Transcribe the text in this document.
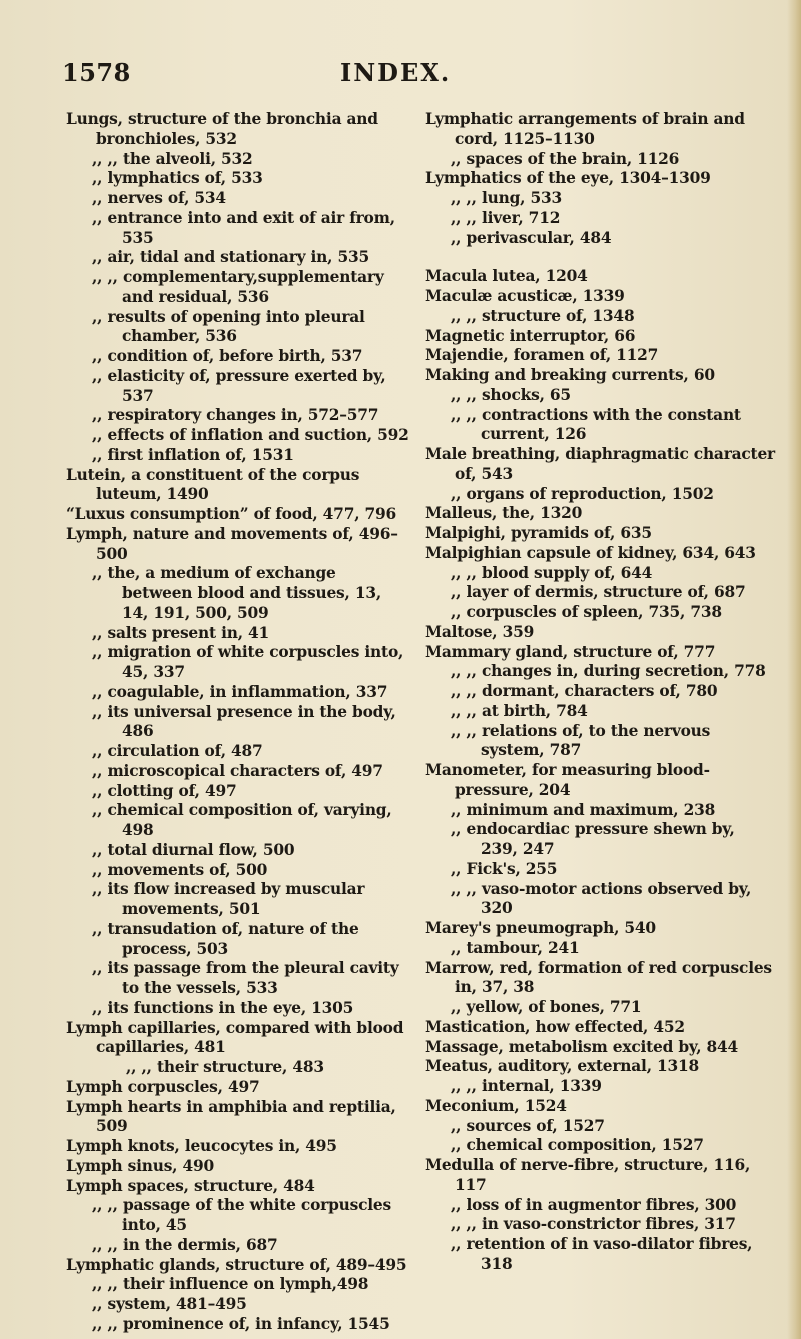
1578	INDEX.
Lungs, structure of the bronchia and bronchioles, 532
,, ,, the alveoli, 532
,, lymphatics of, 533
,, nerves of, 534
,, entrance into and exit of air from, 535
,, air, tidal and stationary in, 535
,, ,, complementary,supplementary and residual, 536
,, results of opening into pleural chamber, 536
,, condition of, before birth, 537
,, elasticity of, pressure exerted by, 537
,, respiratory changes in, 572–577
,, effects of inflation and suction, 592
,, first inflation of, 1531
Lutein, a constituent of the corpus luteum, 1490
“Luxus consumption” of food, 477, 796
Lymph, nature and movements of, 496–500
,, the, a medium of exchange between blood and tissues, 13, 14, 191, 500, 509
,, salts present in, 41
,, migration of white corpuscles into, 45, 337
,, coagulable, in inflammation, 337
,, its universal presence in the body, 486
,, circulation of, 487
,, microscopical characters of, 497
,, clotting of, 497
,, chemical composition of, varying, 498
,, total diurnal flow, 500
,, movements of, 500
,, its flow increased by muscular movements, 501
,, transudation of, nature of the process, 503
,, its passage from the pleural cavity to the vessels, 533
,, its functions in the eye, 1305
Lymph capillaries, compared with blood capillaries, 481
,, ,, their structure, 483
Lymph corpuscles, 497
Lymph hearts in amphibia and reptilia, 509
Lymph knots, leucocytes in, 495
Lymph sinus, 490
Lymph spaces, structure, 484
,, ,, passage of the white corpuscles into, 45
,, ,, in the dermis, 687
Lymphatic glands, structure of, 489–495
,, ,, their influence on lymph,498
,, system, 481–495
,, ,, prominence of, in infancy, 1545
Lymphatic arrangements of brain and cord, 1125–1130
,, spaces of the brain, 1126
Lymphatics of the eye, 1304–1309
,, ,, lung, 533
,, ,, liver, 712
,, perivascular, 484
Macula lutea, 1204
Maculæ acusticæ, 1339
,, ,, structure of, 1348
Magnetic interruptor, 66
Majendie, foramen of, 1127
Making and breaking currents, 60
,, ,, shocks, 65
,, ,, contractions with the constant current, 126
Male breathing, diaphragmatic character of, 543
,, organs of reproduction, 1502
Malleus, the, 1320
Malpighi, pyramids of, 635
Malpighian capsule of kidney, 634, 643
,, ,, blood supply of, 644
,, layer of dermis, structure of, 687
,, corpuscles of spleen, 735, 738
Maltose, 359
Mammary gland, structure of, 777
,, ,, changes in, during secretion, 778
,, ,, dormant, characters of, 780
,, ,, at birth, 784
,, ,, relations of, to the nervous system, 787
Manometer, for measuring blood-pressure, 204
,, minimum and maximum, 238
,, endocardiac pressure shewn by, 239, 247
,, Fick's, 255
,, ,, vaso-motor actions observed by, 320
Marey's pneumograph, 540
,, tambour, 241
Marrow, red, formation of red corpuscles in, 37, 38
,, yellow, of bones, 771
Mastication, how effected, 452
Massage, metabolism excited by, 844
Meatus, auditory, external, 1318
,, ,, internal, 1339
Meconium, 1524
,, sources of, 1527
,, chemical composition, 1527
Medulla of nerve-fibre, structure, 116, 117
,, loss of in augmentor fibres, 300
,, ,, in vaso-constrictor fibres, 317
,, retention of in vaso-dilator fibres, 318
